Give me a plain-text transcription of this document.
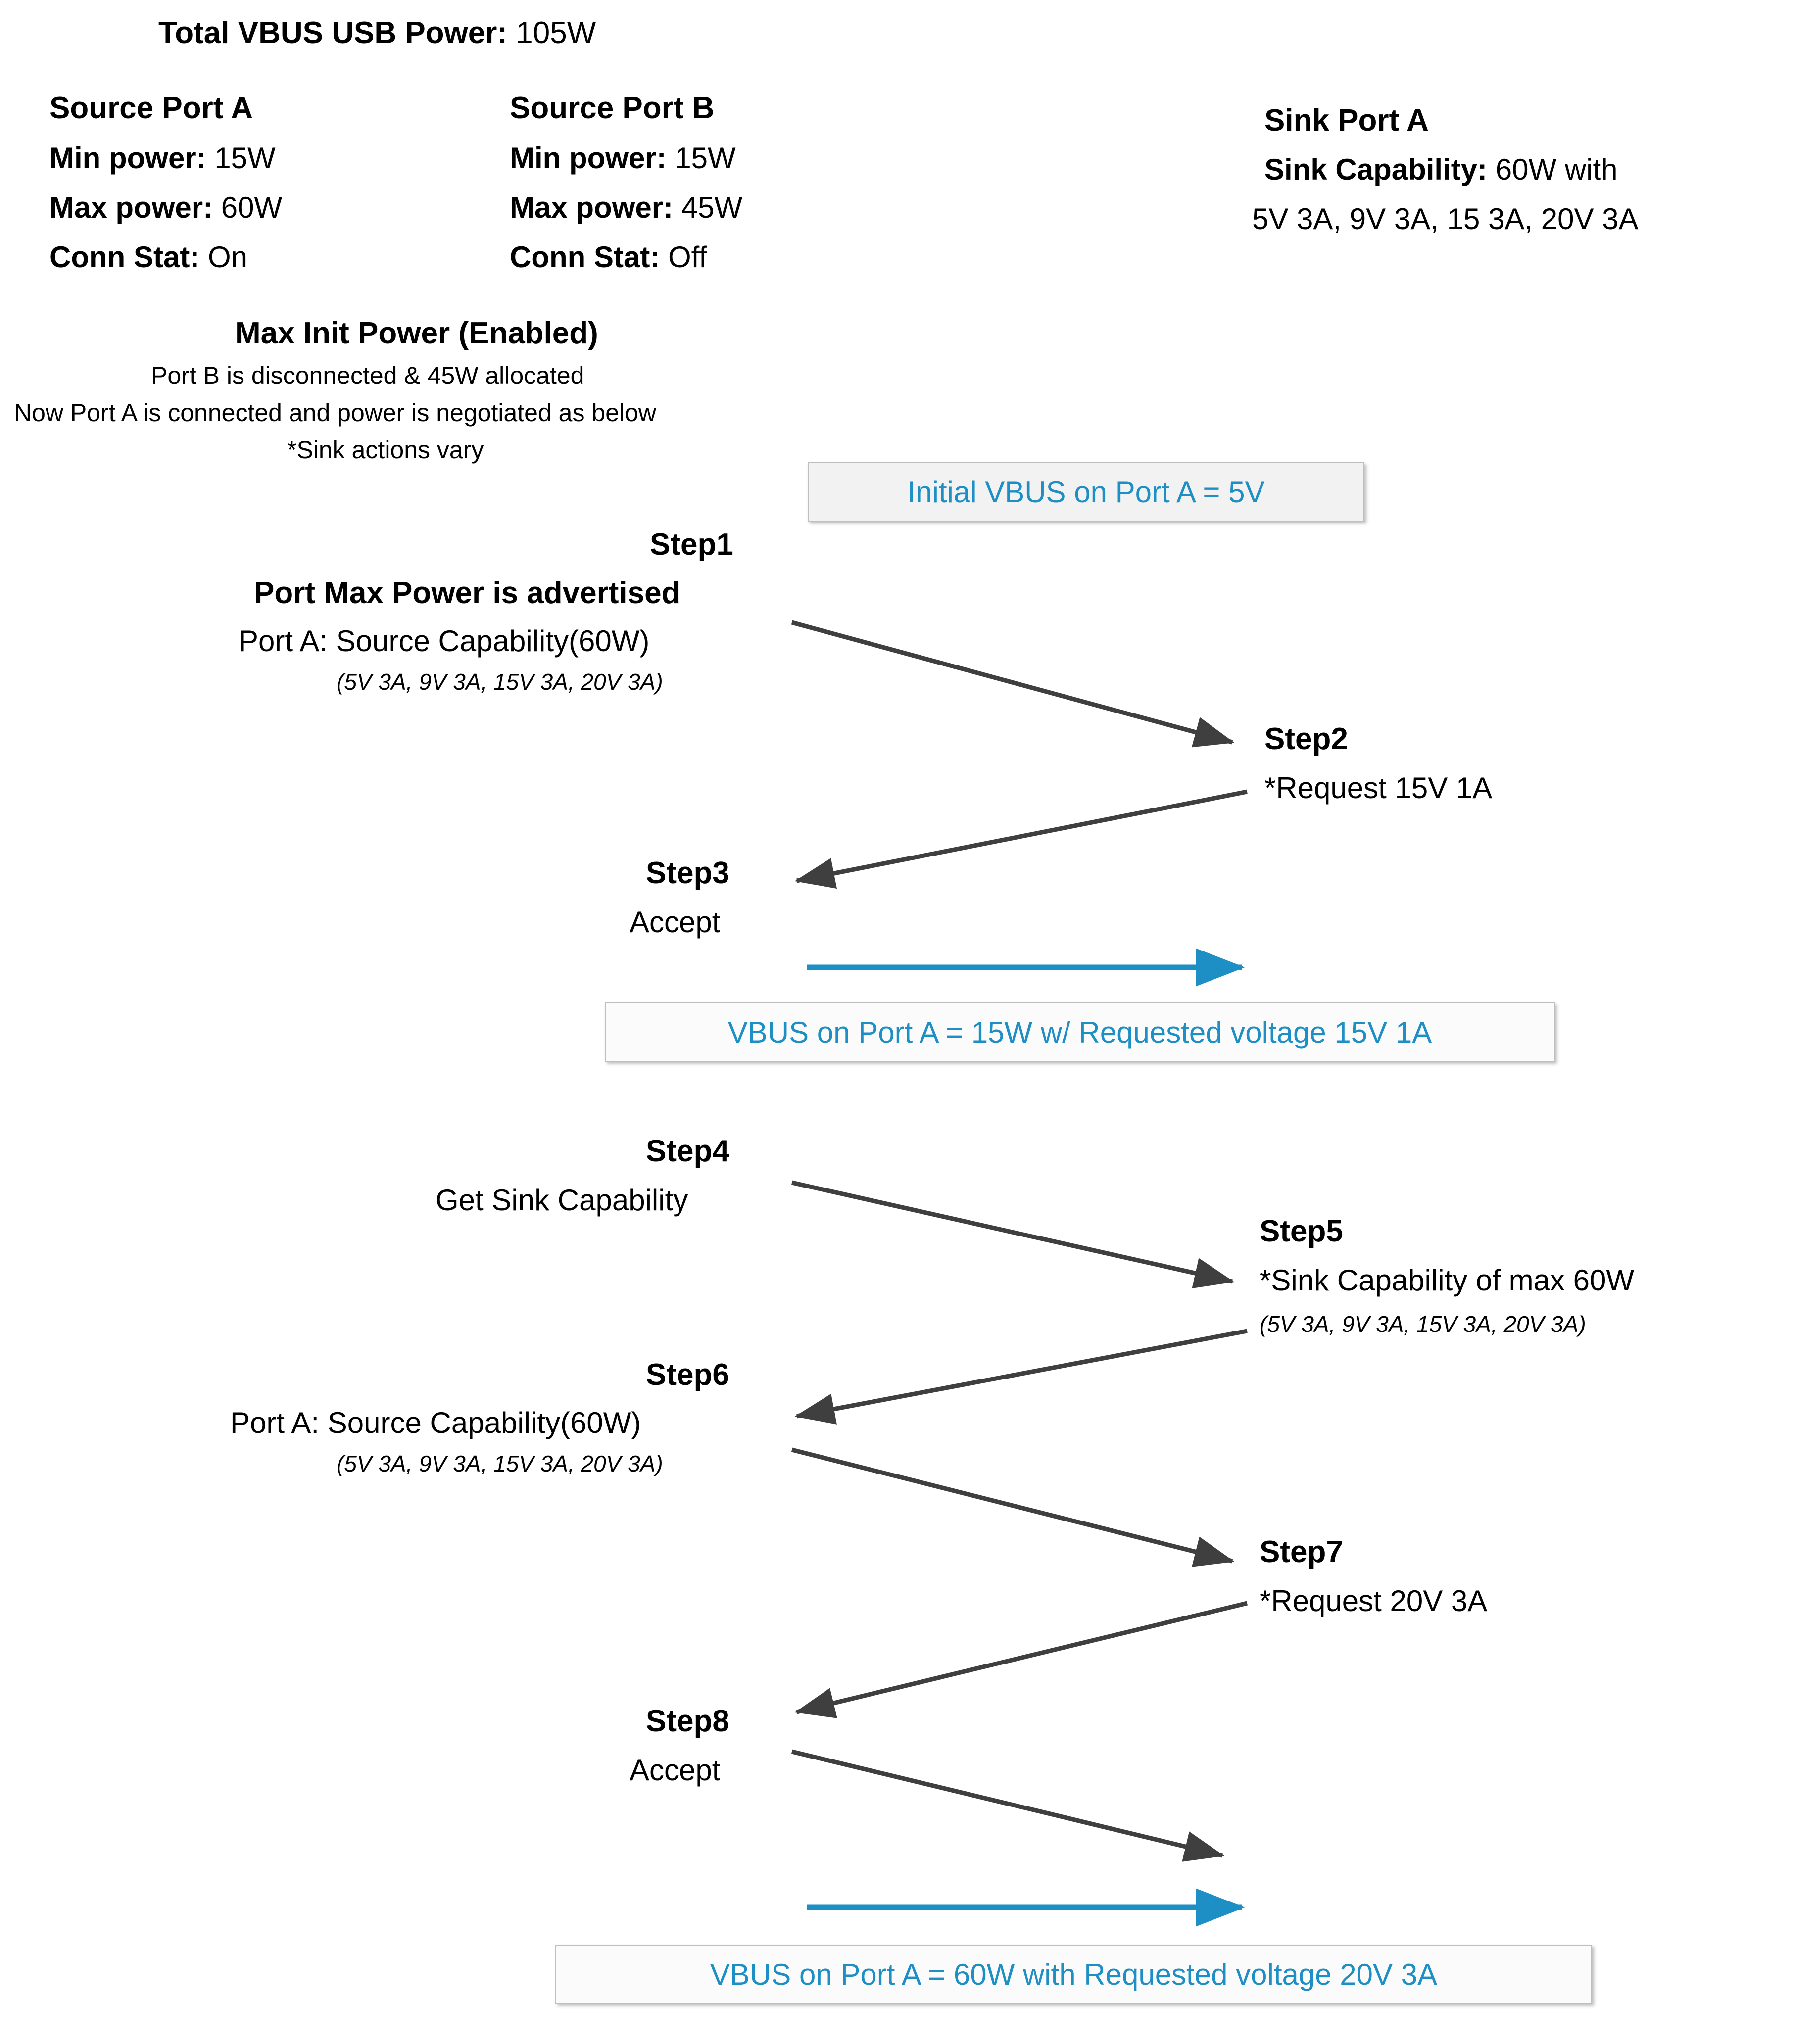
Total VBUS USB Power: 105W
Source Port A
Min power: 15W
Max power: 60W
Conn Stat: On
Source Port B
Min power: 15W
Max power: 45W
Conn Stat: Off
Sink Port A
Sink Capability: 60W with
5V 3A, 9V 3A, 15 3A, 20V 3A
Max Init Power (Enabled)
Port B is disconnected & 45W allocated
Now Port A is connected and power is negotiated as below
*Sink actions vary
Initial VBUS on Port A = 5V
Step1
Port Max Power is advertised
Port A: Source Capability(60W)
(5V 3A, 9V 3A, 15V 3A, 20V 3A)
Step2
*Request 15V 1A
Step3
Accept
VBUS on Port A = 15W w/ Requested voltage 15V 1A
Step4
Get Sink Capability
Step5
*Sink Capability of max 60W
(5V 3A, 9V 3A, 15V 3A, 20V 3A)
Step6
Port A: Source Capability(60W)
(5V 3A, 9V 3A, 15V 3A, 20V 3A)
Step7
*Request 20V 3A
Step8
Accept
VBUS on Port A = 60W with Requested voltage 20V 3A
